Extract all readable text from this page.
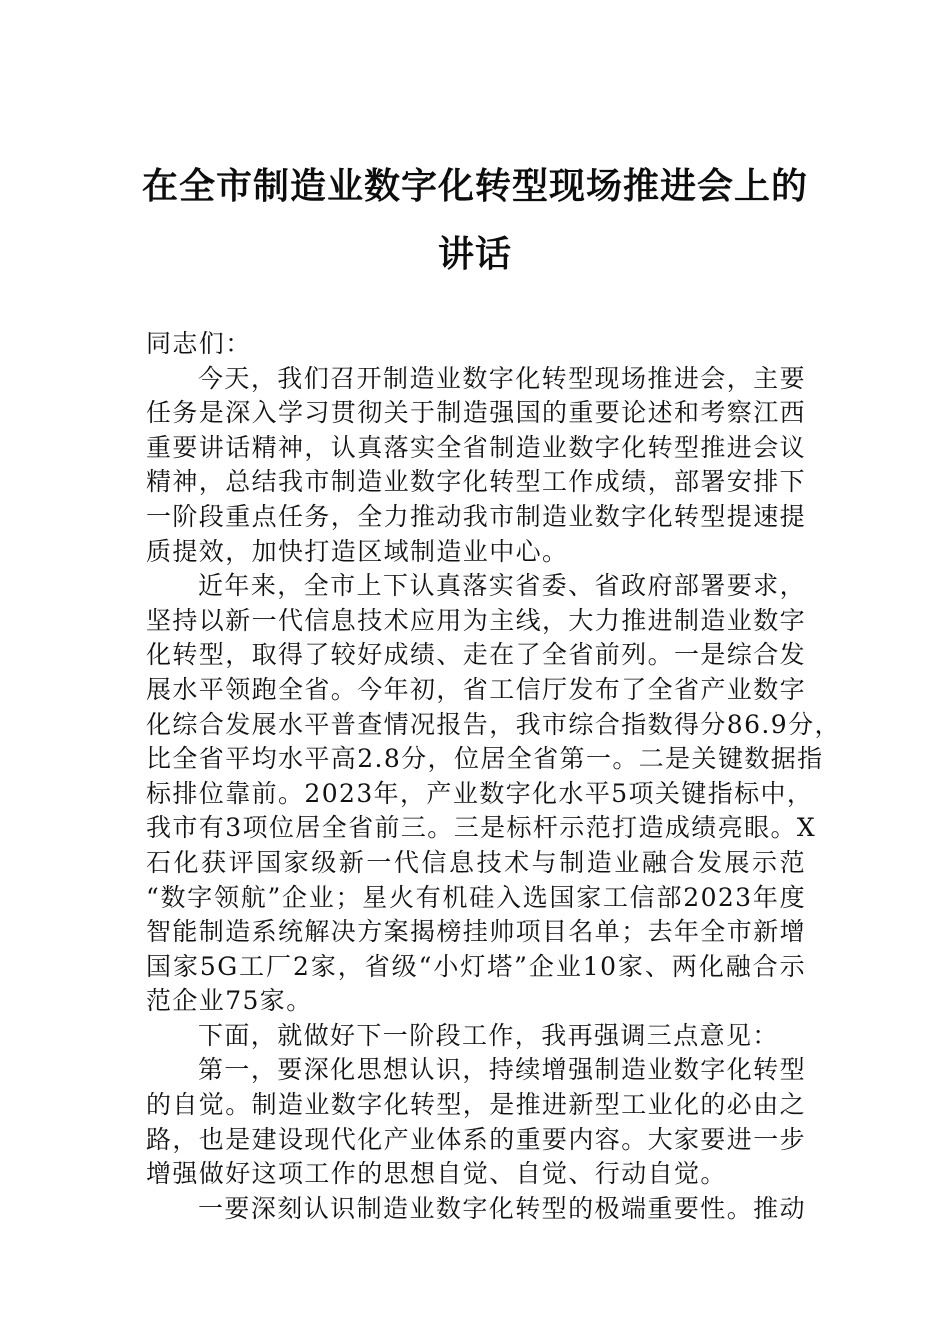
在全市制造业数字化转型现场推进会上的
讲话
同志们：
今天，我们召开制造业数字化转型现场推进会，主要
任务是深入学习贯彻关于制造强国的重要论述和考察江西
重要讲话精神，认真落实全省制造业数字化转型推进会议
精神，总结我市制造业数字化转型工作成绩，部署安排下
一阶段重点任务，全力推动我市制造业数字化转型提速提
质提效，加快打造区域制造业中心。
近年来，全市上下认真落实省委、省政府部署要求，
坚持以新一代信息技术应用为主线，大力推进制造业数字
化转型，取得了较好成绩、走在了全省前列。一是综合发
展水平领跑全省。今年初，省工信厅发布了全省产业数字
化综合发展水平普查情况报告，我市综合指数得分86.9分，
比全省平均水平高2.8分，位居全省第一。二是关键数据指
标排位靠前。2023年，产业数字化水平5项关键指标中，
我市有3项位居全省前三。三是标杆示范打造成绩亮眼。X
石化获评国家级新一代信息技术与制造业融合发展示范
“数字领航”企业；星火有机硅入选国家工信部2023年度
智能制造系统解决方案揭榜挂帅项目名单；去年全市新增
国家5G工厂2家，省级“小灯塔”企业10家、两化融合示
范企业75家。
下面，就做好下一阶段工作，我再强调三点意见：
第一，要深化思想认识，持续增强制造业数字化转型
的自觉。制造业数字化转型，是推进新型工业化的必由之
路，也是建设现代化产业体系的重要内容。大家要进一步
增强做好这项工作的思想自觉、自觉、行动自觉。
一要深刻认识制造业数字化转型的极端重要性。推动
